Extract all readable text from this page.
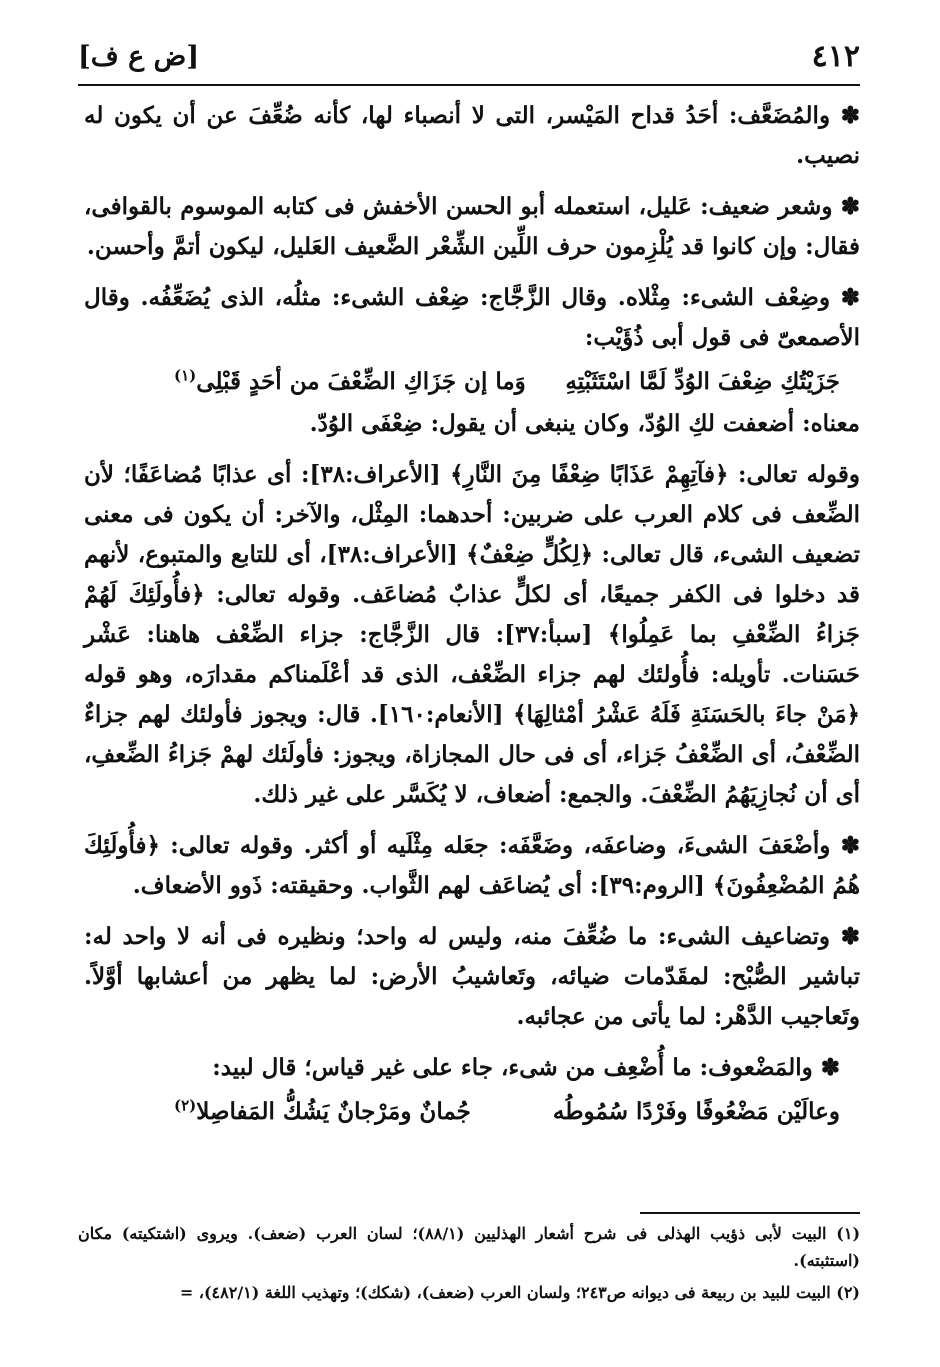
٤١٢
[ض ع ف]

✽ والمُضَعَّف: أحَدُ قداح المَيْسر، التى لا أنصباء لها، كأنه ضُعِّفَ عن أن يكون له نصيب.

✽ وشعر ضعيف: عَليل، استعمله أبو الحسن الأخفش فى كتابه الموسوم بالقوافى، فقال: وإن كانوا قد يُلْزِمون حرف اللِّين الشِّعْر الضَّعيف العَليل، ليكون أتمَّ وأحسن.

✽ وضِعْف الشىء: مِثْلاه. وقال الزَّجَّاج: ضِعْف الشىء: مثلُه، الذى يُضَعِّفُه. وقال الأصمعىّ فى قول أبى ذُؤَيْب:

جَزَيْتُكِ ضِعْفَ الوُدِّ لَمَّا اسْتَثَبْتِهِ
وَما إن جَزَاكِ الضِّعْفَ من أحَدٍ قَبْلِى$^{(١)}$

معناه: أضعفت لكِ الوُدّ، وكان ينبغى أن يقول: ضِعْفَى الوُدّ.

وقوله تعالى: ﴿فآتِهِمْ عَذَابًا ضِعْفًا مِنَ النَّارِ﴾ [الأعراف:٣٨]: أى عذابًا مُضاعَفًا؛ لأن الضِّعف فى كلام العرب على ضربين: أحدهما: المِثْل، والآخر: أن يكون فى معنى تضعيف الشىء، قال تعالى: ﴿لِكُلٍّ ضِعْفٌ﴾ [الأعراف:٣٨]، أى للتابع والمتبوع، لأنهم قد دخلوا فى الكفر جميعًا، أى لكلٍّ عذابٌ مُضاعَف. وقوله تعالى: ﴿فأُولَئِكَ لَهُمْ جَزاءُ الضِّعْفِ بما عَمِلُوا﴾ [سبأ:٣٧]: قال الزَّجَّاج: جزاء الضِّعْف هاهنا: عَشْر حَسَنات. تأويله: فأُولئك لهم جزاء الضِّعْف، الذى قد أعْلَمناكم مقدارَه، وهو قوله ﴿مَنْ جاءَ بالحَسَنَةِ فَلَهُ عَشْرُ أمْثالِهَا﴾ [الأنعام:١٦٠]. قال: ويجوز فأولئك لهم جزاءٌ الضِّعْفُ، أى الضِّعْفُ جَزاء، أى فى حال المجازاة، ويجوز: فأولَئك لهمْ جَزاءُ الضِّعفِ، أى أن نُجازِيَهُمُ الضِّعْفَ. والجمع: أضعاف، لا يُكَسَّر على غير ذلك.

✽ وأضْعَفَ الشىءَ، وضاعفَه، وضَعَّفَه: جعَله مِثْلَيه أو أكثر. وقوله تعالى: ﴿فأُولَئِكَ هُمُ المُضْعِفُونَ﴾ [الروم:٣٩]: أى يُضاعَف لهم الثَّواب. وحقيقته: ذَوو الأضعاف.

✽ وتضاعيف الشىء: ما ضُعِّفَ منه، وليس له واحد؛ ونظيره فى أنه لا واحد له: تباشير الصُّبْح: لمقَدّمات ضيائه، وتَعاشيبُ الأرض: لما يظهر من أعشابها أوَّلاً. وتَعاجيب الدَّهْر: لما يأتى من عجائبه.

✽ والمَضْعوف: ما أُضْعِف من شىء، جاء على غير قياس؛ قال لبيد:

وعالَيْن مَضْعُوفًا وفَرْدًا سُمُوطُه
جُمانٌ ومَرْجانٌ يَشُكُّ المَفاصِلا$^{(٢)}$

(١) البيت لأبى ذؤيب الهذلى فى شرح أشعار الهذليين (٨٨/١)؛ لسان العرب (ضعف). ويروى (اشتكيته) مكان (استثبته).

(٢) البيت للبيد بن ربيعة فى ديوانه ص٢٤٣؛ ولسان العرب (ضعف)، (شكك)؛ وتهذيب اللغة (٤٨٢/١)، =
